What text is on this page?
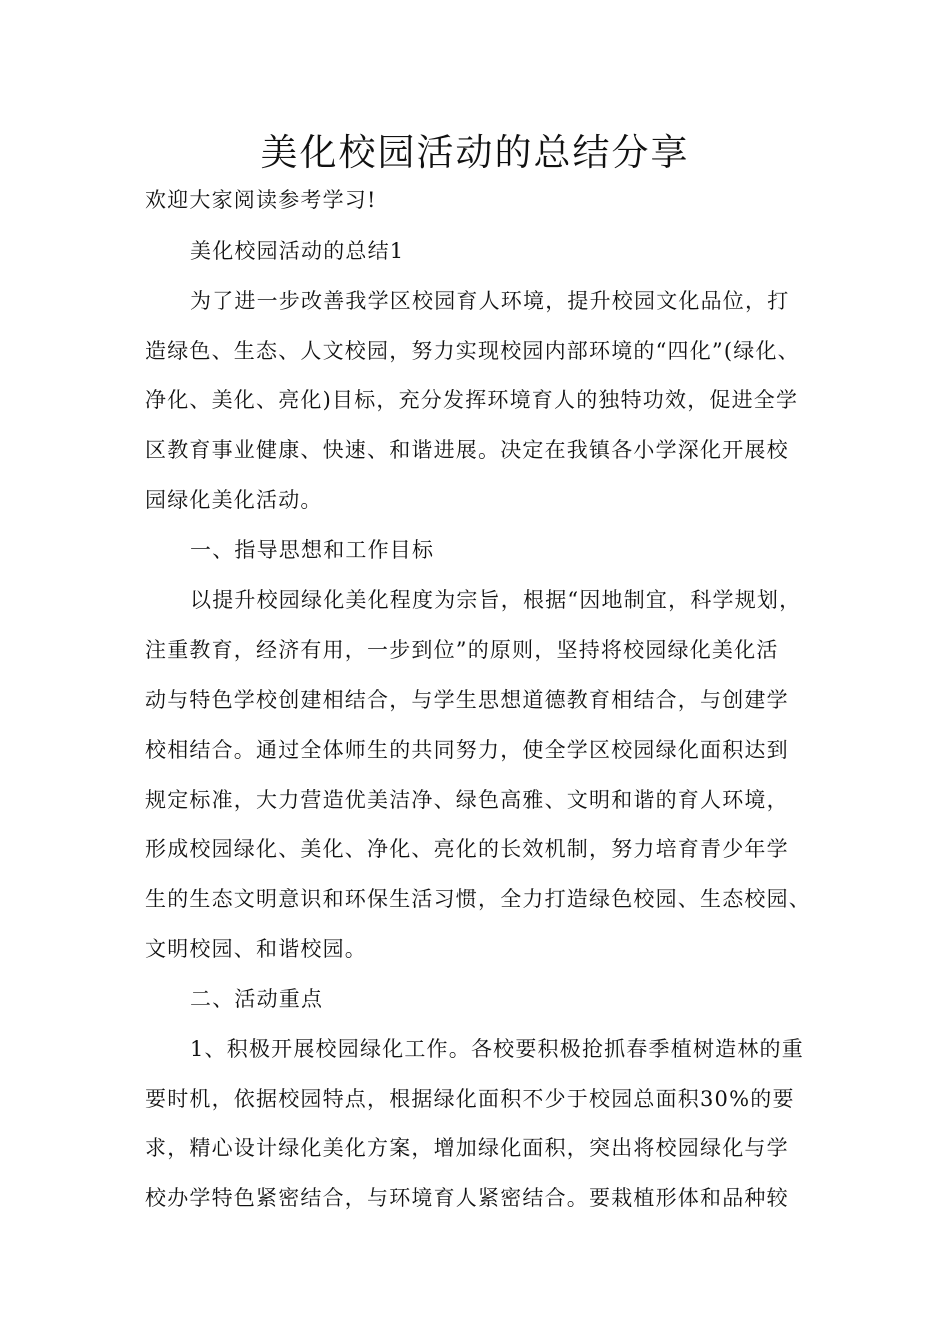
美化校园活动的总结分享
欢迎大家阅读参考学习!
美化校园活动的总结1
为了进一步改善我学区校园育人环境，提升校园文化品位，打
造绿色、生态、人文校园，努力实现校园内部环境的“四化”(绿化、
净化、美化、亮化)目标，充分发挥环境育人的独特功效，促进全学
区教育事业健康、快速、和谐进展。决定在我镇各小学深化开展校
园绿化美化活动。
一、指导思想和工作目标
以提升校园绿化美化程度为宗旨，根据“因地制宜，科学规划，
注重教育，经济有用，一步到位”的原则，坚持将校园绿化美化活
动与特色学校创建相结合，与学生思想道德教育相结合，与创建学
校相结合。通过全体师生的共同努力，使全学区校园绿化面积达到
规定标准，大力营造优美洁净、绿色高雅、文明和谐的育人环境，
形成校园绿化、美化、净化、亮化的长效机制，努力培育青少年学
生的生态文明意识和环保生活习惯，全力打造绿色校园、生态校园、
文明校园、和谐校园。
二、活动重点
1、积极开展校园绿化工作。各校要积极抢抓春季植树造林的重
要时机，依据校园特点，根据绿化面积不少于校园总面积30%的要
求，精心设计绿化美化方案，增加绿化面积，突出将校园绿化与学
校办学特色紧密结合，与环境育人紧密结合。要栽植形体和品种较
